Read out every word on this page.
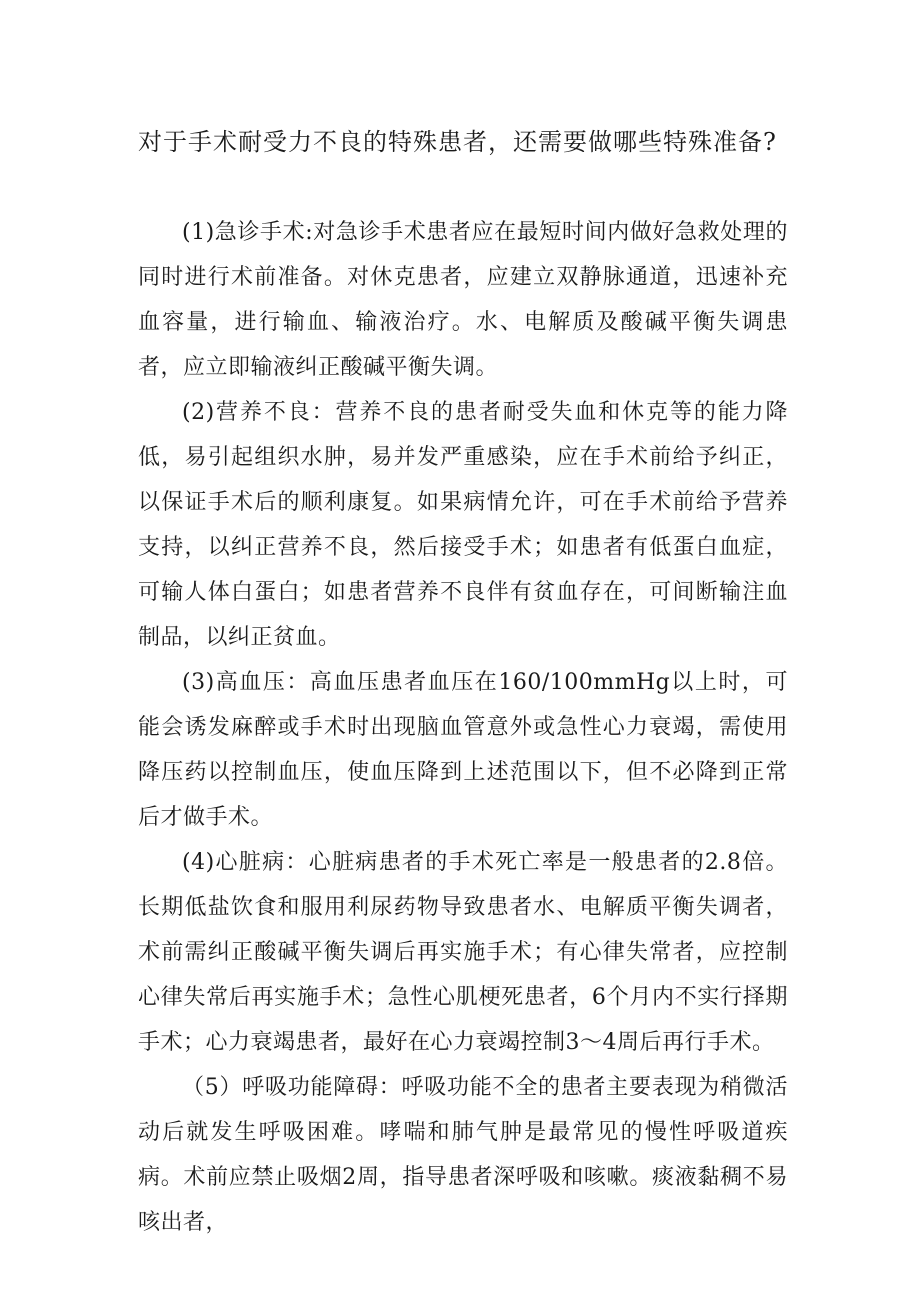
对于手术耐受力不良的特殊患者，还需要做哪些特殊准备?

(1)急诊手术:对急诊手术患者应在最短时间内做好急救处理的同时进行术前准备。对休克患者，应建立双静脉通道，迅速补充血容量，进行输血、输液治疗。水、电解质及酸碱平衡失调患者，应立即输液纠正酸碱平衡失调。

(2)营养不良：营养不良的患者耐受失血和休克等的能力降低，易引起组织水肿，易并发严重感染，应在手术前给予纠正，以保证手术后的顺利康复。如果病情允许，可在手术前给予营养支持，以纠正营养不良，然后接受手术；如患者有低蛋白血症，可输人体白蛋白；如患者营养不良伴有贫血存在，可间断输注血制品，以纠正贫血。

(3)高血压：高血压患者血压在160/100mmHg以上时，可能会诱发麻醉或手术时出现脑血管意外或急性心力衰竭，需使用降压药以控制血压，使血压降到上述范围以下，但不必降到正常后才做手术。

(4)心脏病：心脏病患者的手术死亡率是一般患者的2.8倍。长期低盐饮食和服用利尿药物导致患者水、电解质平衡失调者，术前需纠正酸碱平衡失调后再实施手术；有心律失常者，应控制心律失常后再实施手术；急性心肌梗死患者，6个月内不实行择期手术；心力衰竭患者，最好在心力衰竭控制3～4周后再行手术。

（5）呼吸功能障碍：呼吸功能不全的患者主要表现为稍微活动后就发生呼吸困难。哮喘和肺气肿是最常见的慢性呼吸道疾病。术前应禁止吸烟2周，指导患者深呼吸和咳嗽。痰液黏稠不易咳出者，
